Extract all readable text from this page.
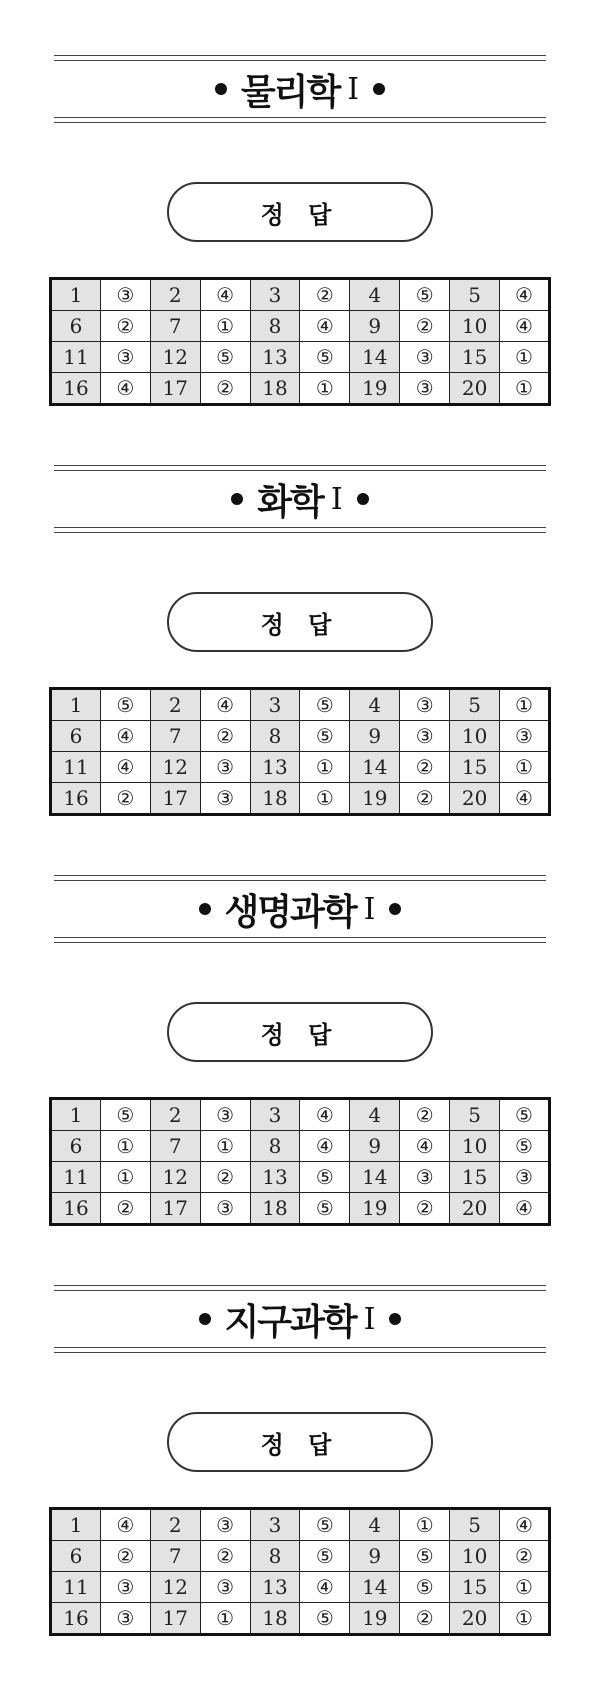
물리학 Ⅰ
정 답
1	③	2	④	3	②	4	⑤	5	④
6	②	7	①	8	④	9	②	10	④
11	③	12	⑤	13	⑤	14	③	15	①
16	④	17	②	18	①	19	③	20	①
화학 Ⅰ
정 답
1	⑤	2	④	3	⑤	4	③	5	①
6	④	7	②	8	⑤	9	③	10	③
11	④	12	③	13	①	14	②	15	①
16	②	17	③	18	①	19	②	20	④
생명과학 Ⅰ
정 답
1	⑤	2	③	3	④	4	②	5	⑤
6	①	7	①	8	④	9	④	10	⑤
11	①	12	②	13	⑤	14	③	15	③
16	②	17	③	18	⑤	19	②	20	④
지구과학 Ⅰ
정 답
1	④	2	③	3	⑤	4	①	5	④
6	②	7	②	8	⑤	9	⑤	10	②
11	③	12	③	13	④	14	⑤	15	①
16	③	17	①	18	⑤	19	②	20	①
